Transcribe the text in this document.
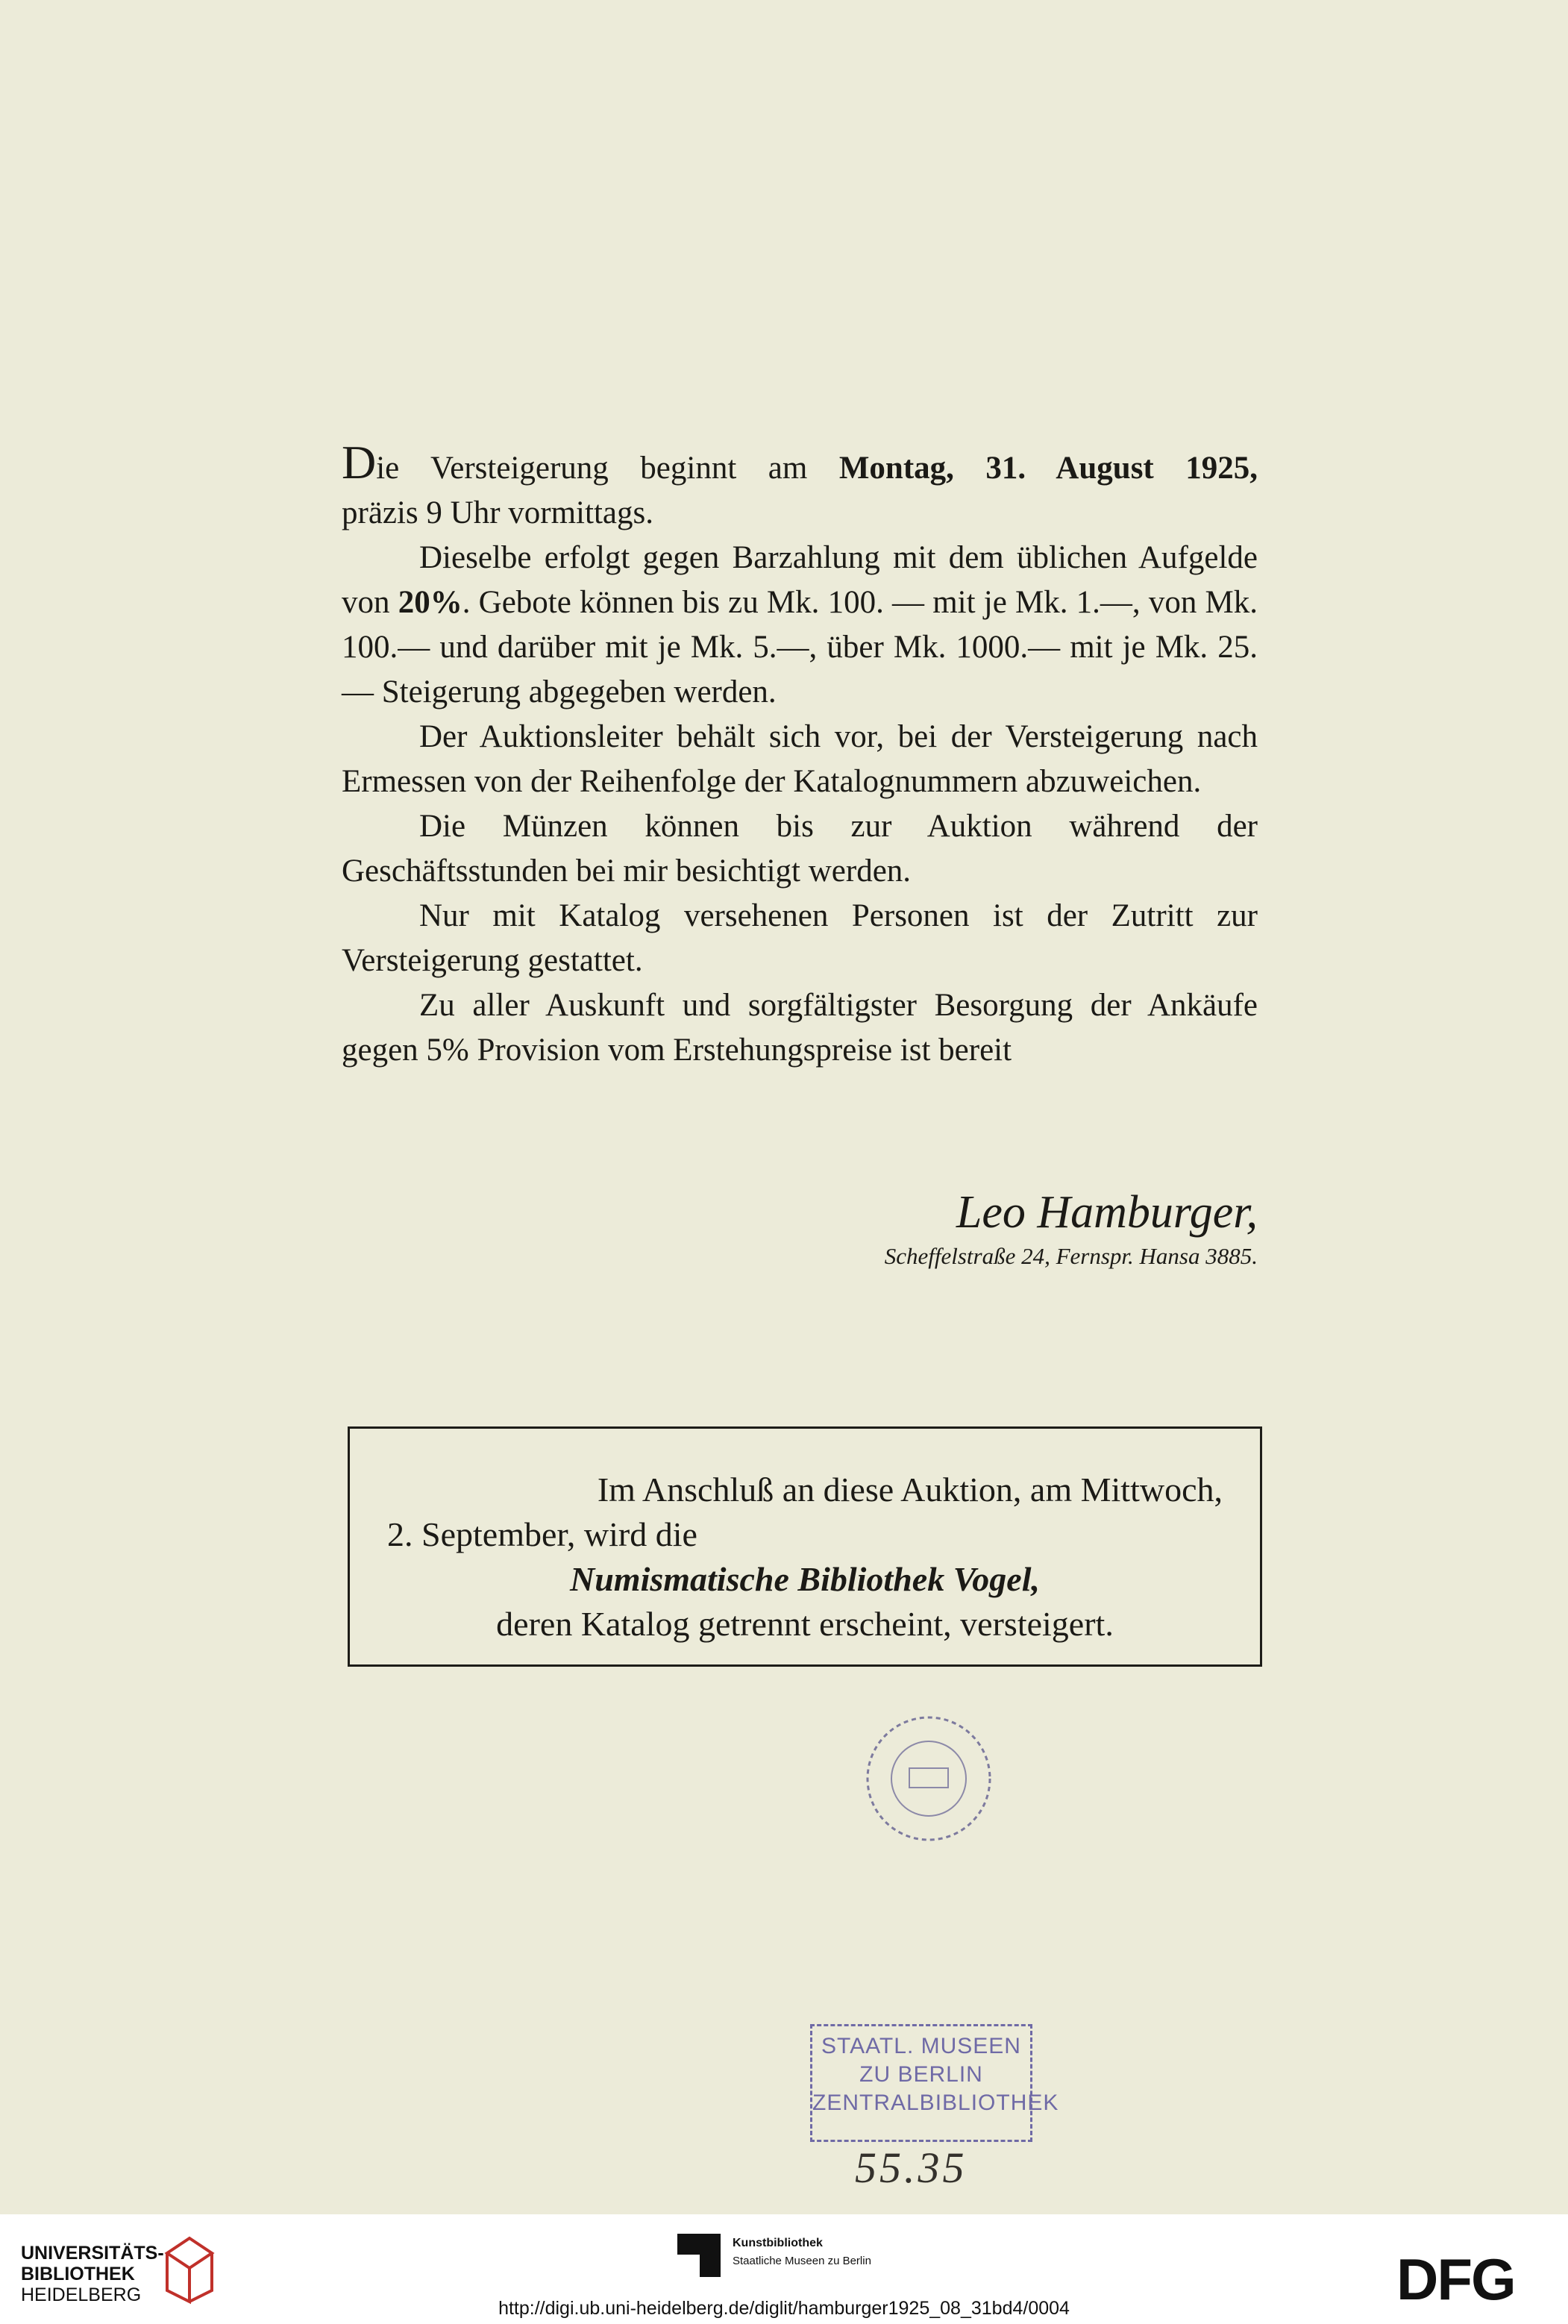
Die Versteigerung beginnt am Montag, 31. August 1925,

präzis 9 Uhr vormittags.

Dieselbe erfolgt gegen Barzahlung mit dem üblichen Aufgelde von 20%. Gebote können bis zu Mk. 100. — mit je Mk. 1.—, von Mk. 100.— und darüber mit je Mk. 5.—, über Mk. 1000.— mit je Mk. 25.— Steigerung abgegeben werden.

Der Auktionsleiter behält sich vor, bei der Versteigerung nach Ermessen von der Reihenfolge der Katalognummern abzuweichen.

Die Münzen können bis zur Auktion während der Geschäftsstunden bei mir besichtigt werden.

Nur mit Katalog versehenen Personen ist der Zutritt zur Versteigerung gestattet.

Zu aller Auskunft und sorgfältigster Besorgung der Ankäufe gegen 5% Provision vom Erstehungspreise ist bereit

Leo Hamburger,
Scheffelstraße 24, Fernspr. Hansa 3885.
Im Anschluß an diese Auktion, am Mittwoch,
2. September, wird die
Numismatische Bibliothek Vogel,
deren Katalog getrennt erscheint, versteigert.
STAATL. MUSEEN
ZU BERLIN
ZENTRALBIBLIOTHEK
55.35
UNIVERSITÄTS-
BIBLIOTHEK
HEIDELBERG
Kunstbibliothek
Staatliche Museen zu Berlin	DFG
http://digi.ub.uni-heidelberg.de/diglit/hamburger1925_08_31bd4/0004
